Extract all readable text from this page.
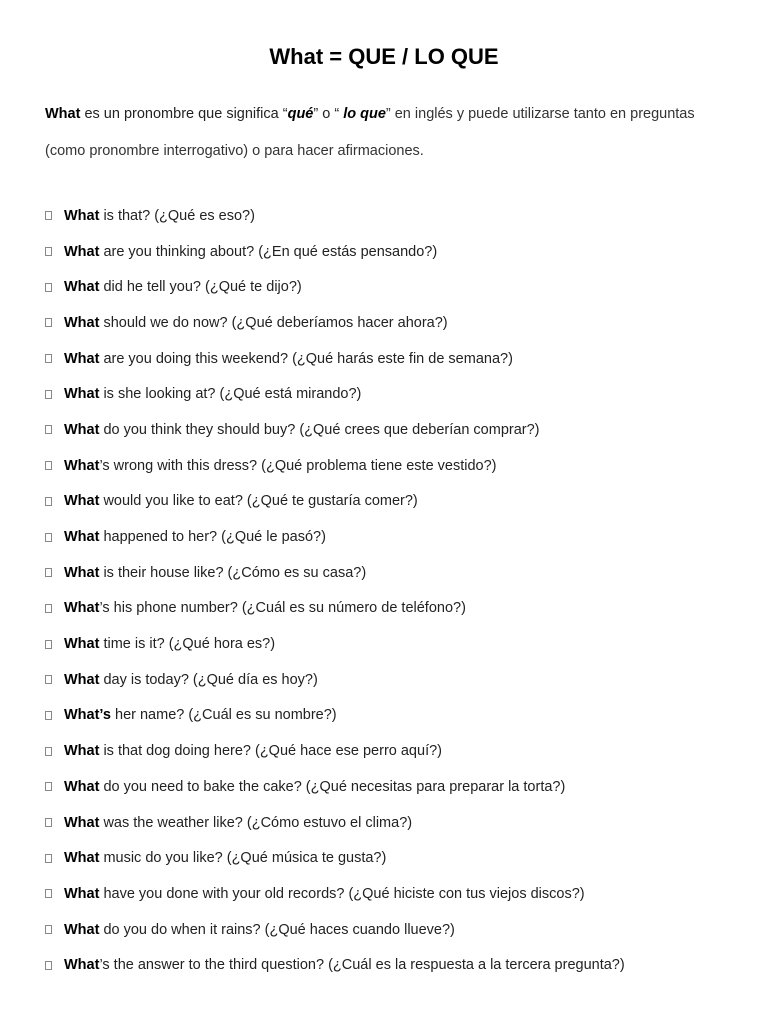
What = QUE / LO QUE
What es un pronombre que significa “qué” o “ lo que” en inglés y puede utilizarse tanto en preguntas (como pronombre interrogativo) o para hacer afirmaciones.
What is that? (¿Qué es eso?)
What are you thinking about? (¿En qué estás pensando?)
What did he tell you? (¿Qué te dijo?)
What should we do now? (¿Qué deberíamos hacer ahora?)
What are you doing this weekend? (¿Qué harás este fin de semana?)
What is she looking at? (¿Qué está mirando?)
What do you think they should buy? (¿Qué crees que deberían comprar?)
What ’s wrong with this dress? (¿Qué problema tiene este vestido?)
What would you like to eat? (¿Qué te gustaría comer?)
What happened to her? (¿Qué le pasó?)
What is their house like? (¿Cómo es su casa?)
What ’s his phone number? (¿Cuál es su número de teléfono?)
What time is it? (¿Qué hora es?)
What day is today? (¿Qué día es hoy?)
What’s her name? (¿Cuál es su nombre?)
What is that dog doing here? (¿Qué hace ese perro aquí?)
What do you need to bake the cake? (¿Qué necesitas para preparar la torta?)
What was the weather like? (¿Cómo estuvo el clima?)
What music do you like? (¿Qué música te gusta?)
What have you done with your old records? (¿Qué hiciste con tus viejos discos?)
What do you do when it rains? (¿Qué haces cuando llueve?)
What ’s the answer to the third question? (¿Cuál es la respuesta a la tercera pregunta?)
